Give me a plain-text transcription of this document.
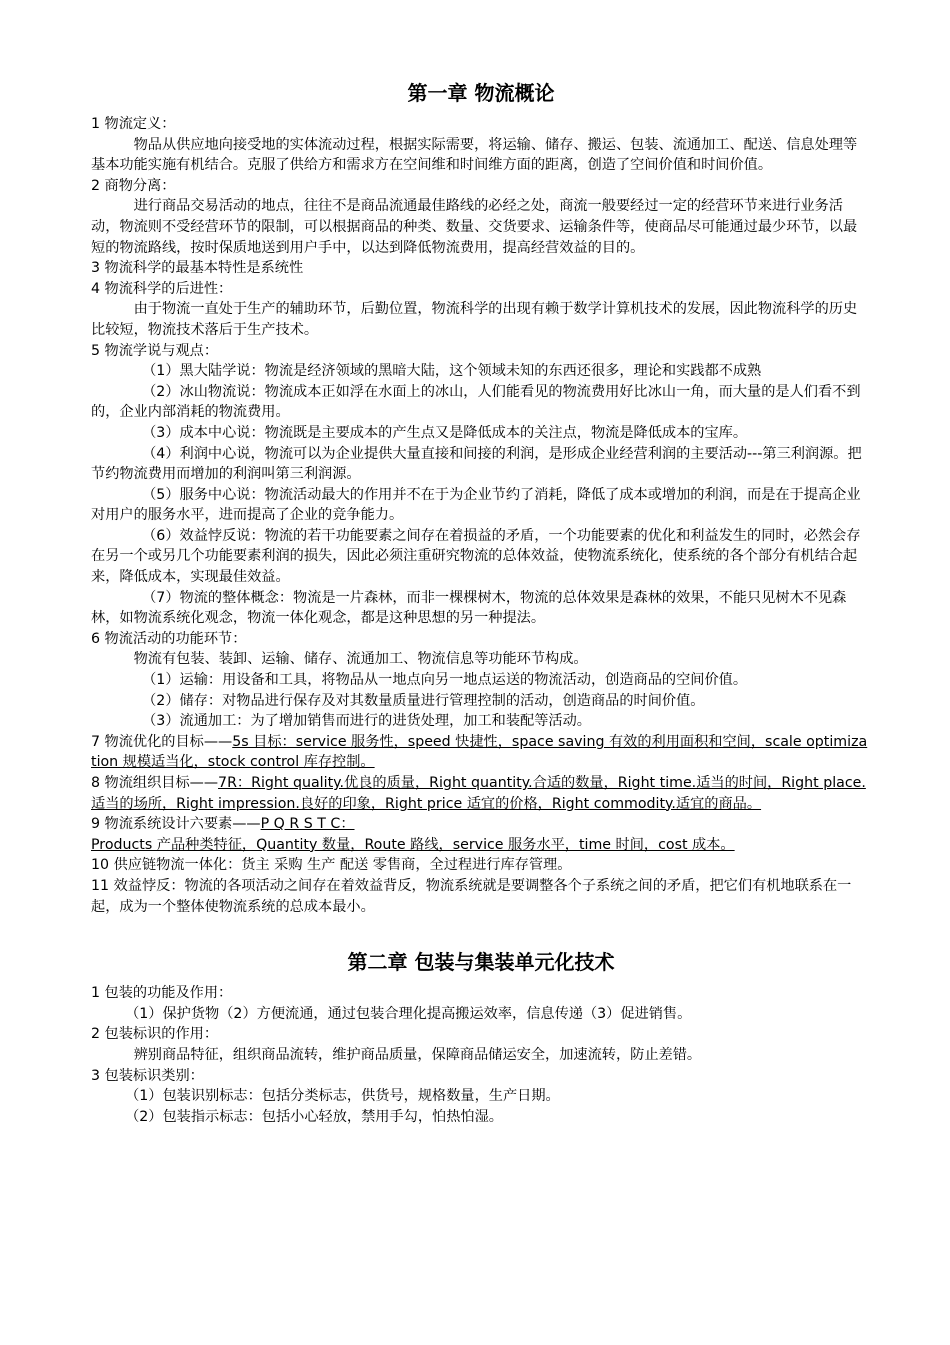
第一章 物流概论

1 物流定义：

物品从供应地向接受地的实体流动过程，根据实际需要，将运输、储存、搬运、包装、流通加工、配送、信息处理等基本功能实施有机结合。克服了供给方和需求方在空间维和时间维方面的距离，创造了空间价值和时间价值。

2 商物分离：

进行商品交易活动的地点，往往不是商品流通最佳路线的必经之处，商流一般要经过一定的经营环节来进行业务活动，物流则不受经营环节的限制，可以根据商品的种类、数量、交货要求、运输条件等，使商品尽可能通过最少环节，以最短的物流路线，按时保质地送到用户手中，以达到降低物流费用，提高经营效益的目的。

3 物流科学的最基本特性是系统性

4 物流科学的后进性：

由于物流一直处于生产的辅助环节，后勤位置，物流科学的出现有赖于数学计算机技术的发展，因此物流科学的历史比较短，物流技术落后于生产技术。

5 物流学说与观点：

（1）黑大陆学说：物流是经济领域的黑暗大陆，这个领域未知的东西还很多，理论和实践都不成熟

（2）冰山物流说：物流成本正如浮在水面上的冰山，人们能看见的物流费用好比冰山一角，而大量的是人们看不到的，企业内部消耗的物流费用。

（3）成本中心说：物流既是主要成本的产生点又是降低成本的关注点，物流是降低成本的宝库。

（4）利润中心说，物流可以为企业提供大量直接和间接的利润，是形成企业经营利润的主要活动---第三利润源。把节约物流费用而增加的利润叫第三利润源。

（5）服务中心说：物流活动最大的作用并不在于为企业节约了消耗，降低了成本或增加的利润，而是在于提高企业对用户的服务水平，进而提高了企业的竞争能力。

（6）效益悖反说：物流的若干功能要素之间存在着损益的矛盾，一个功能要素的优化和利益发生的同时，必然会存在另一个或另几个功能要素利润的损失，因此必须注重研究物流的总体效益，使物流系统化，使系统的各个部分有机结合起来，降低成本，实现最佳效益。

（7）物流的整体概念：物流是一片森林，而非一棵棵树木，物流的总体效果是森林的效果，不能只见树木不见森林，如物流系统化观念，物流一体化观念，都是这种思想的另一种提法。

6 物流活动的功能环节：

物流有包装、装卸、运输、储存、流通加工、物流信息等功能环节构成。

（1）运输：用设备和工具，将物品从一地点向另一地点运送的物流活动，创造商品的空间价值。

（2）储存：对物品进行保存及对其数量质量进行管理控制的活动，创造商品的时间价值。

（3）流通加工：为了增加销售而进行的进货处理，加工和装配等活动。

7 物流优化的目标——5s 目标：service 服务性，speed 快捷性，space saving 有效的利用面积和空间，scale optimization 规模适当化，stock control 库存控制。

8 物流组织目标——7R：Right quality.优良的质量，Right quantity.合适的数量，Right time.适当的时间，Right place.适当的场所，Right impression.良好的印象，Right price 适宜的价格，Right commodity.适宜的商品。

9 物流系统设计六要素——P Q R S T C：

Products 产品种类特征，Quantity 数量，Route 路线，service 服务水平，time 时间，cost 成本。

10 供应链物流一体化：货主 采购 生产 配送 零售商，全过程进行库存管理。

11 效益悖反：物流的各项活动之间存在着效益背反，物流系统就是要调整各个子系统之间的矛盾，把它们有机地联系在一起，成为一个整体使物流系统的总成本最小。

第二章 包装与集装单元化技术

1 包装的功能及作用：

（1）保护货物（2）方便流通，通过包装合理化提高搬运效率，信息传递（3）促进销售。

2 包装标识的作用：

辨别商品特征，组织商品流转，维护商品质量，保障商品储运安全，加速流转，防止差错。

3 包装标识类别：

（1）包装识别标志：包括分类标志，供货号，规格数量，生产日期。

（2）包装指示标志：包括小心轻放，禁用手勾，怕热怕湿。
